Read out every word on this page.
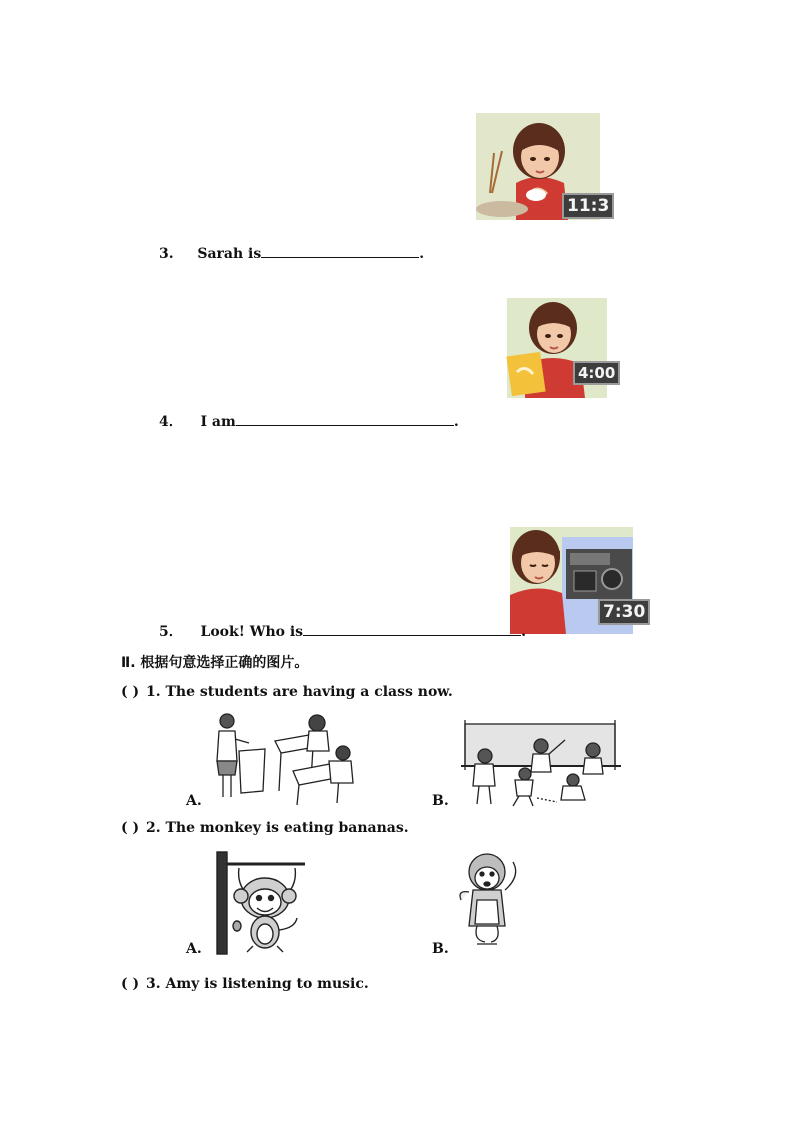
11:3
3. Sarah is	.
4:00
4． I am	.
7:30
5． Look! Who is	.
Ⅱ. 根据句意选择正确的图片。
( ) 1. The students are having a class now.
A.	B.
( ) 2. The monkey is eating bananas.
A.	B.
( ) 3. Amy is listening to music.
